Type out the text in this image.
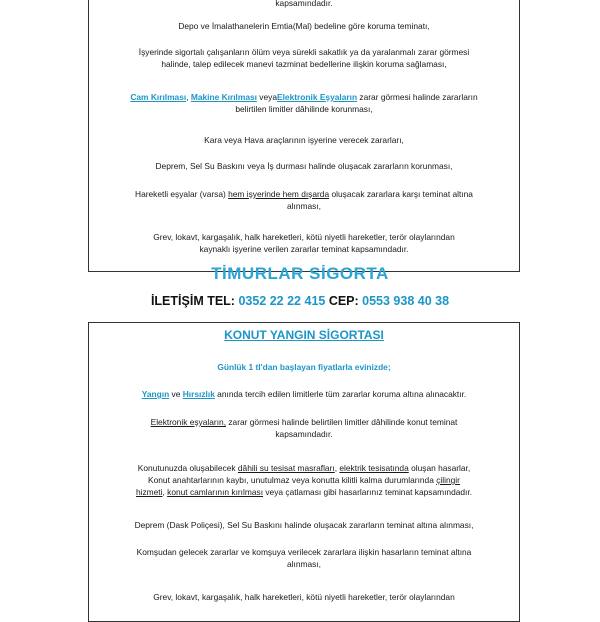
kapsamındadır.
Depo ve İmalathanelerin Emtia(Mal) bedeline göre koruma teminatı,
İşyerinde sigortalı çalışanların ölüm veya sürekli sakatlık ya da yaralanmalı zarar görmesi
halinde, talep edilecek manevi tazminat bedellerine ilişkin koruma sağlaması,
Cam Kırılması, Makine Kırılması veyaElektronik Eşyaların zarar görmesi halinde zararların
belirtilen limitler dâhilinde korunması,
Kara veya Hava araçlarının işyerine verecek zararları,
Deprem, Sel Su Baskını veya İş durması halinde oluşacak zararların korunması,
Hareketli eşyalar (varsa) hem işyerinde hem dışarda oluşacak zararlara karşı teminat altına
alınması,
Grev, lokavt, kargaşalık, halk hareketleri, kötü niyetli hareketler, terör olaylarından
kaynaklı işyerine verilen zararlar teminat kapsamındadır.
TİMURLAR SİGORTA
İLETİŞİM TEL: 0352 22 22 415 CEP: 0553 938 40 38
KONUT YANGIN SİGORTASI
Günlük 1 tl'dan başlayan fiyatlarla evinizde;
Yangın ve Hırsızlık anında tercih edilen limitlerle tüm zararlar koruma altına alınacaktır.
Elektronik eşyaların, zarar görmesi halinde belirtilen limitler dâhilinde konut teminat
kapsamındadır.
Konutunuzda oluşabilecek dâhili su tesisat masrafları, elektrik tesisatında oluşan hasarlar,
Konut anahtarlarının kaybı, unutulmaz veya konutta kilitli kalma durumlarında çilingir
hizmeti, konut camlarının kırılması veya çatlaması gibi hasarlarınız teminat kapsamındadır.
Deprem (Dask Poliçesi), Sel Su Baskını halinde oluşacak zararların teminat altına alınması,
Komşudan gelecek zararlar ve komşuya verilecek zararlara ilişkin hasarların teminat altına
alınması,
Grev, lokavt, kargaşalık, halk hareketleri, kötü niyetli hareketler, terör olaylarından
